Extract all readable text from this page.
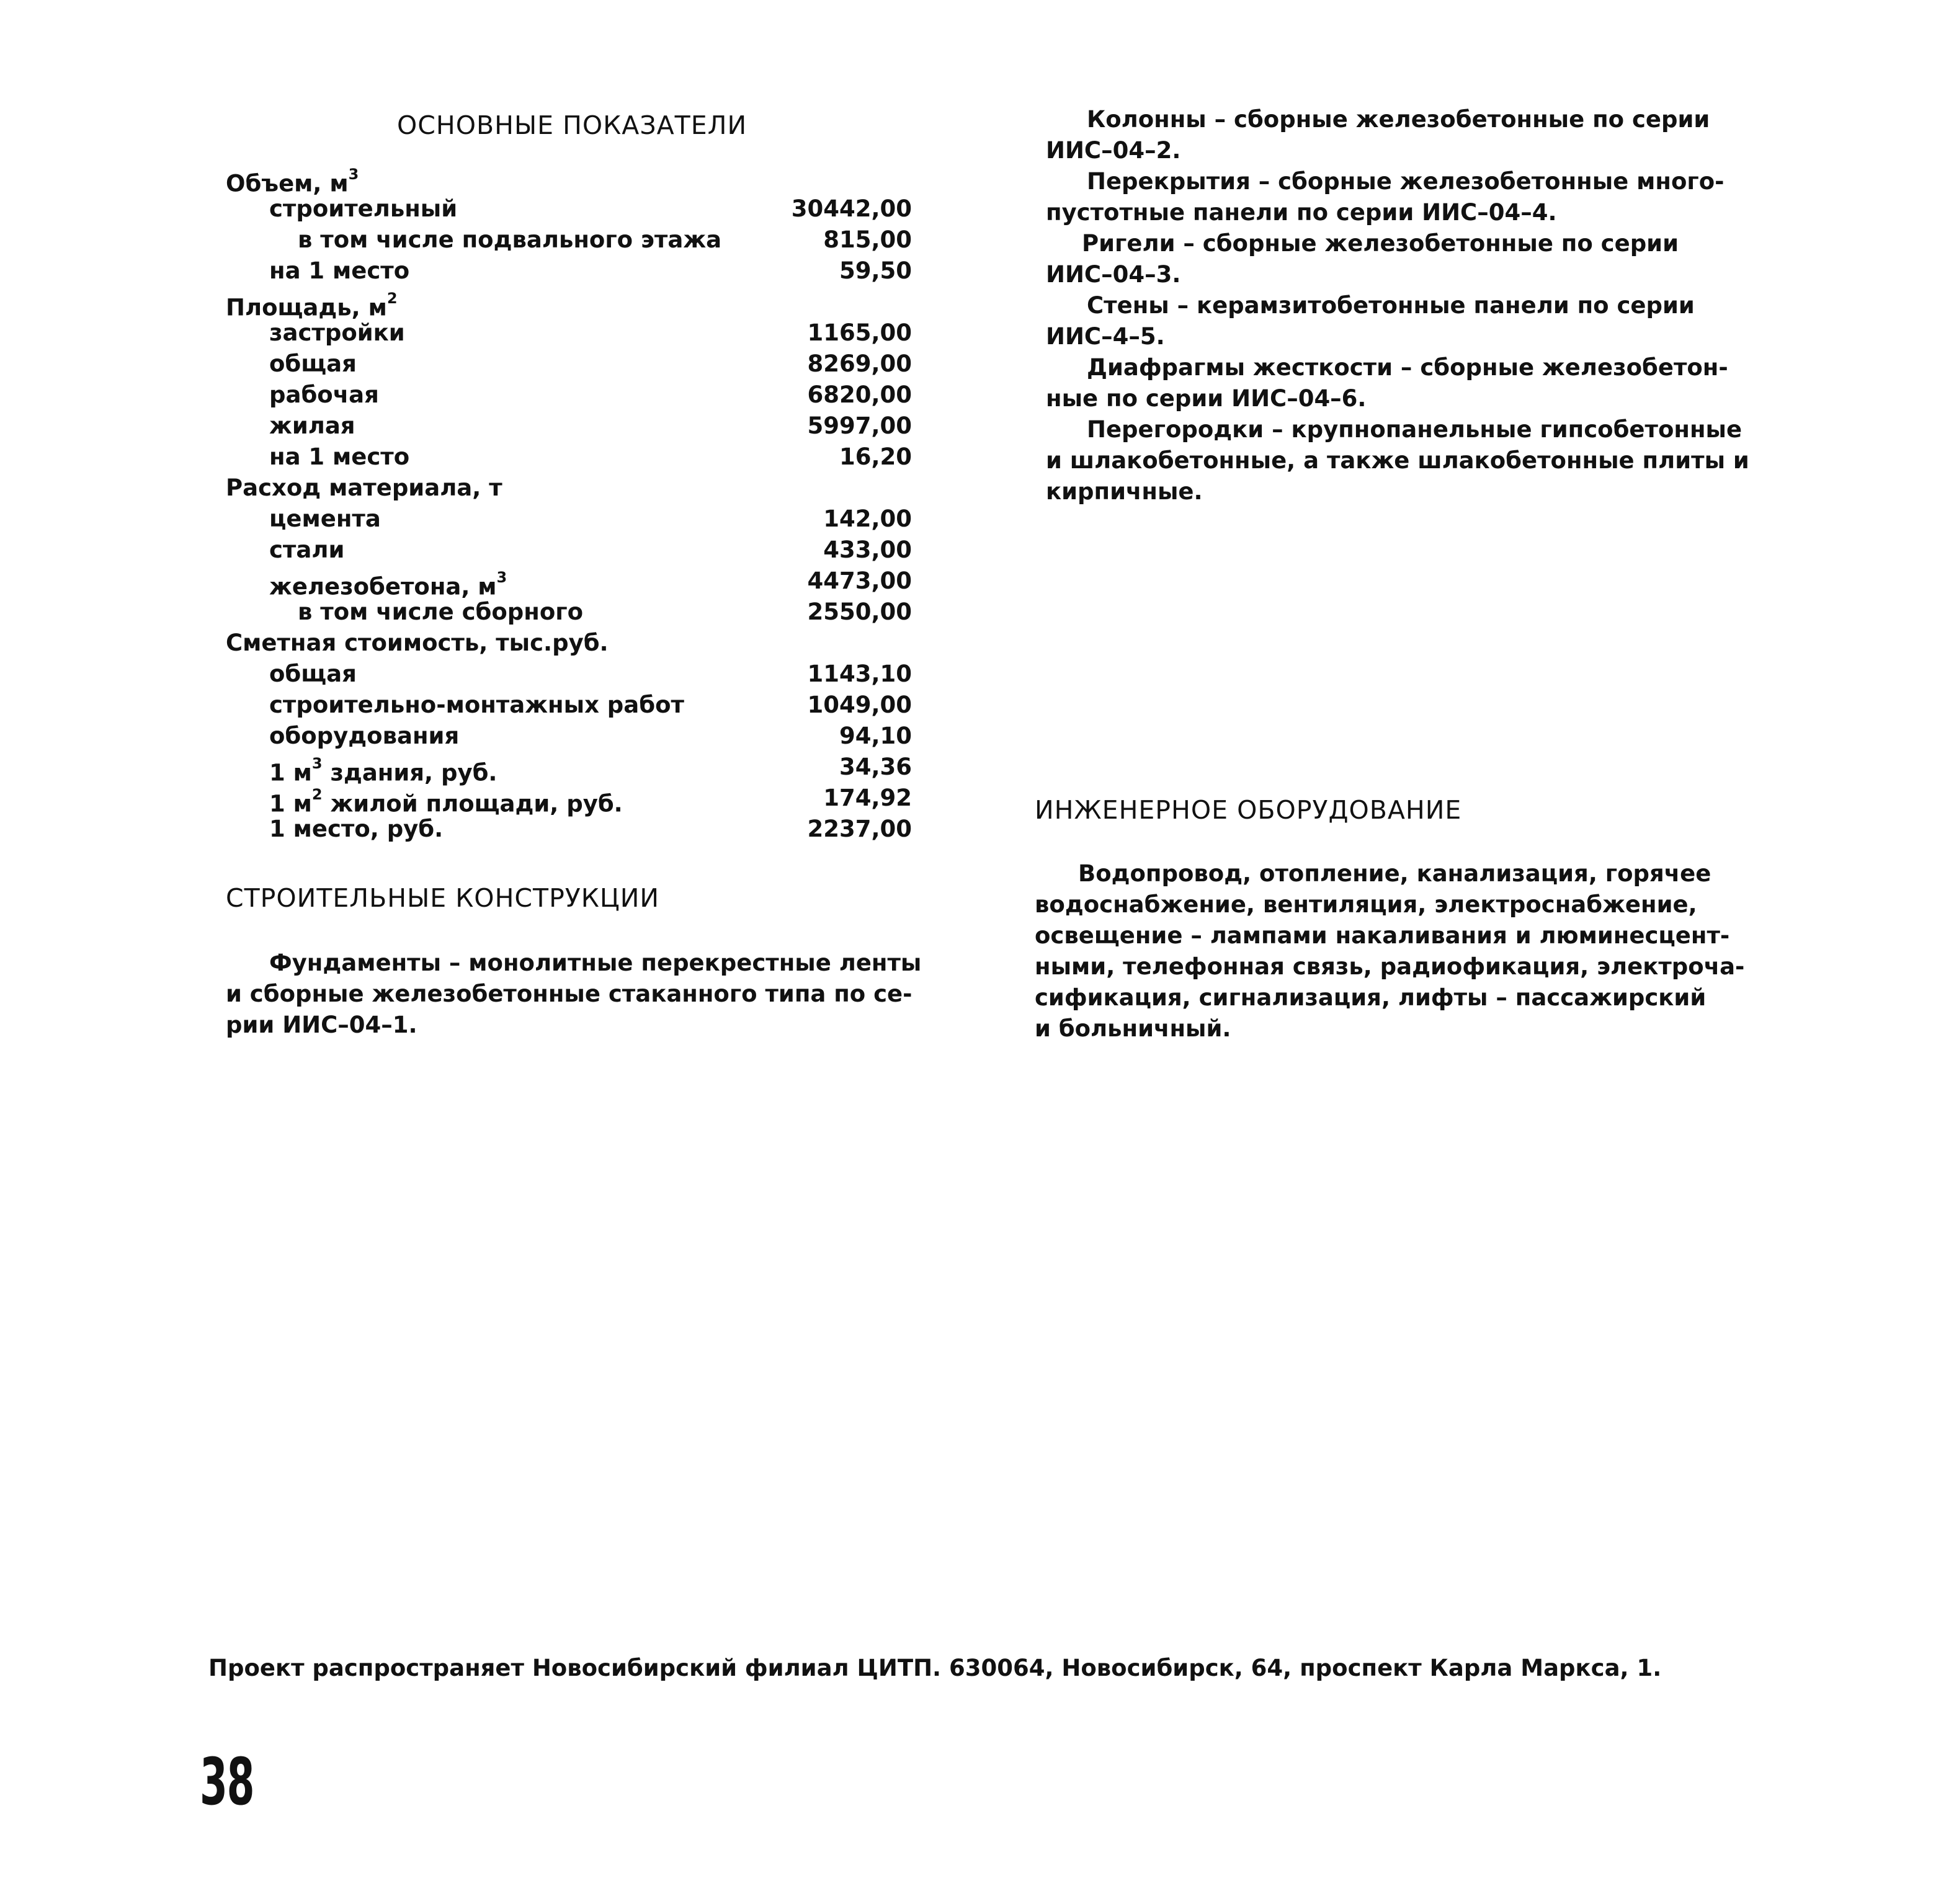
ОСНОВНЫЕ ПОКАЗАТЕЛИ
Объем, $м^3$
строительный	30442,00
в том числе подвального этажа	815,00
на 1 место	59,50
Площадь, $м^2$
застройки	1165,00
общая	8269,00
рабочая	6820,00
жилая	5997,00
на 1 место	16,20
Расход материала, т
цемента	142,00
стали	433,00
железобетона, $м^3$	4473,00
в том числе сборного	2550,00
Сметная стоимость, тыс.руб.
общая	1143,10
строительно-монтажных работ	1049,00
оборудования	94,10
1 $м^3$ здания, руб.	34,36
1 $м^2$ жилой площади, руб.	174,92
1 место, руб.	2237,00
СТРОИТЕЛЬНЫЕ КОНСТРУКЦИИ

Фундаменты – монолитные перекрестные ленты
и сборные железобетонные стаканного типа по се-
рии ИИС–04–1.

Колонны – сборные железобетонные по серии
ИИС–04–2.
Перекрытия – сборные железобетонные много-
пустотные панели по серии ИИС–04–4.
Ригели – сборные железобетонные по серии
ИИС–04–3.
Стены – керамзитобетонные панели по серии
ИИС–4–5.
Диафрагмы жесткости – сборные железобетон-
ные по серии ИИС–04–6.
Перегородки – крупнопанельные гипсобетонные
и шлакобетонные, а также шлакобетонные плиты и
кирпичные.

ИНЖЕНЕРНОЕ ОБОРУДОВАНИЕ

Водопровод, отопление, канализация, горячее
водоснабжение, вентиляция, электроснабжение,
освещение – лампами накаливания и люминесцент-
ными, телефонная связь, радиофикация, электроча-
сификация, сигнализация, лифты – пассажирский
и больничный.

Проект распространяет Новосибирский филиал ЦИТП. 630064, Новосибирск, 64, проспект Карла Маркса, 1.

38
